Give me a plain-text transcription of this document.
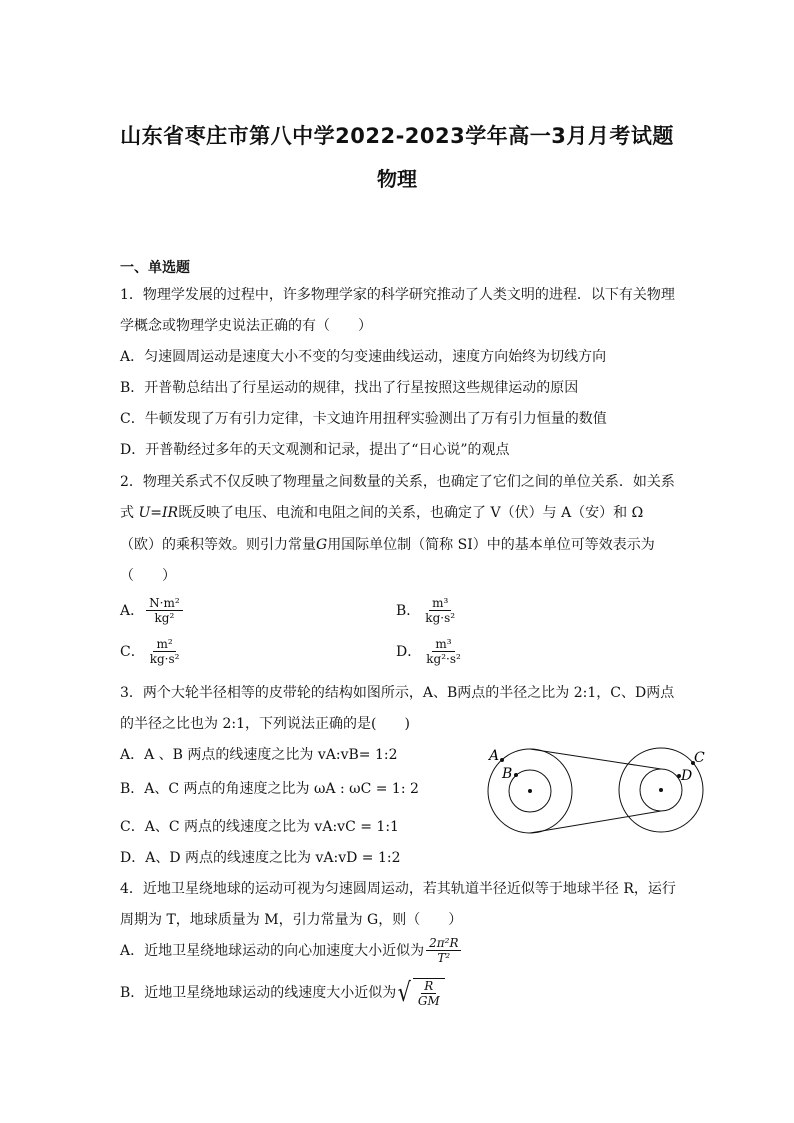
山东省枣庄市第八中学2022-2023学年高一3月月考试题
物理
一、单选题
1．物理学发展的过程中，许多物理学家的科学研究推动了人类文明的进程．以下有关物理
学概念或物理学史说法正确的有（　　）
A．匀速圆周运动是速度大小不变的匀变速曲线运动，速度方向始终为切线方向
B．开普勒总结出了行星运动的规律，找出了行星按照这些规律运动的原因
C．牛顿发现了万有引力定律，卡文迪许用扭秤实验测出了万有引力恒量的数值
D．开普勒经过多年的天文观测和记录，提出了“日心说”的观点
2．物理关系式不仅反映了物理量之间数量的关系，也确定了它们之间的单位关系．如关系
式 U=IR既反映了电压、电流和电阻之间的关系，也确定了 V（伏）与 A（安）和 Ω
（欧）的乘积等效。则引力常量G用国际单位制（简称 SI）中的基本单位可等效表示为
（　　）
A． $\frac{\text{N·m²}}{\text{kg²}}$	B． $\frac{\text{m³}}{\text{kg·s²}}$
C． $\frac{\text{m²}}{\text{kg·s²}}$	D． $\frac{\text{m³}}{\text{kg²·s²}}$
3．两个大轮半径相等的皮带轮的结构如图所示，A、B两点的半径之比为 2:1，C、D两点
的半径之比也为 2:1，下列说法正确的是(　　)
A．A 、B 两点的线速度之比为 vA:vB= 1:2
B．A、C 两点的角速度之比为 ωA : ωC = 1: 2
C．A、C 两点的线速度之比为 vA:vC = 1:1
D．A、D 两点的线速度之比为 vA:vD = 1:2
A
B
C
D
4．近地卫星绕地球的运动可视为匀速圆周运动，若其轨道半径近似等于地球半径 R，运行
周期为 T，地球质量为 M，引力常量为 G，则（　　）
A．近地卫星绕地球运动的向心加速度大小近似为 $\frac{\text{2π²R}}{\text{T²}}$
B．近地卫星绕地球运动的线速度大小近似为 √ $\frac{R}{GM}$
